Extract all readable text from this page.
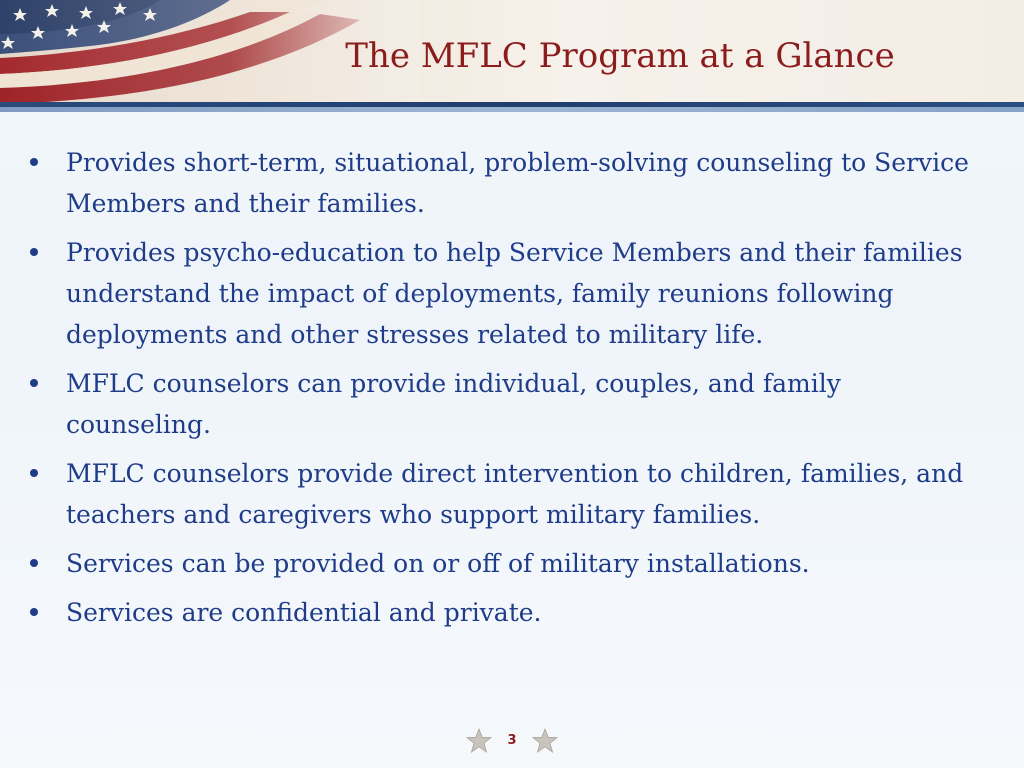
The MFLC Program at a Glance
Provides short-term, situational, problem-solving counseling to Service Members and their families.
Provides psycho-education to help Service Members and their families understand the impact of deployments, family reunions following deployments and other stresses related to military life.
MFLC counselors can provide individual, couples, and family counseling.
MFLC counselors provide direct intervention to children, families, and teachers and caregivers who support military families.
Services can be provided on or off of military installations.
Services are confidential and private.
3
